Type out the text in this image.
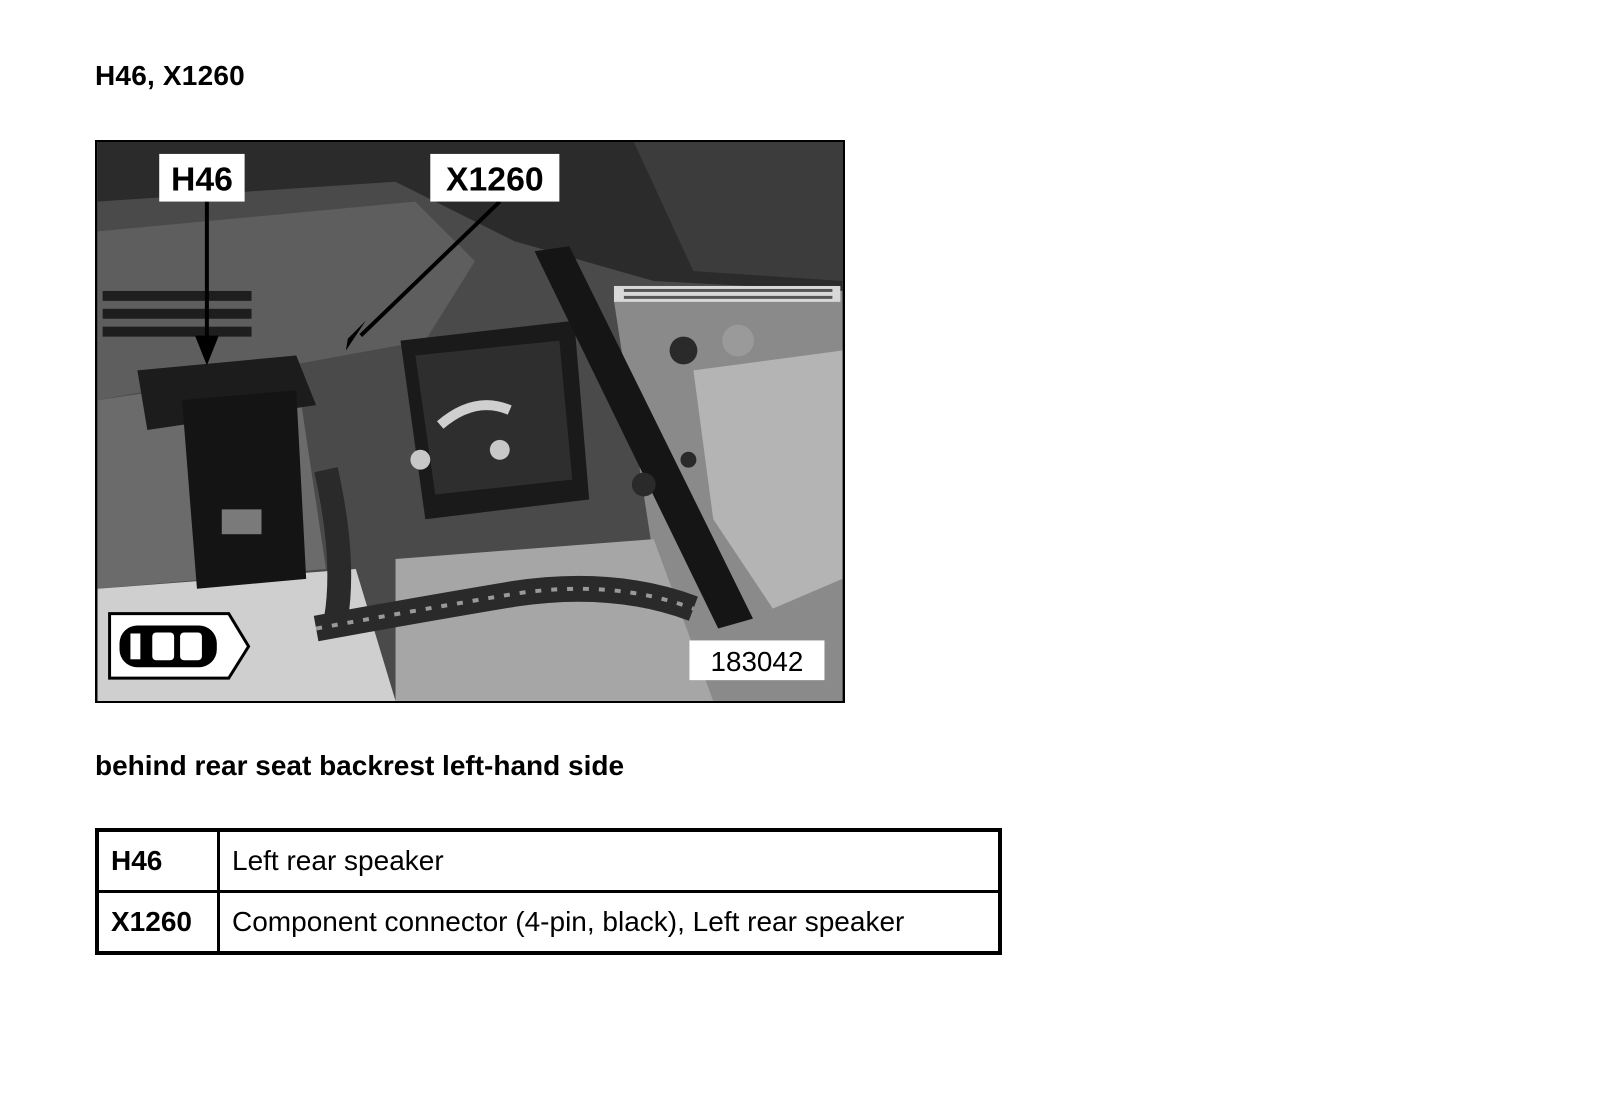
H46, X1260
H46	X1260
183042
behind rear seat backrest left-hand side
H46	Left rear speaker
X1260	Component connector (4-pin, black), Left rear speaker
